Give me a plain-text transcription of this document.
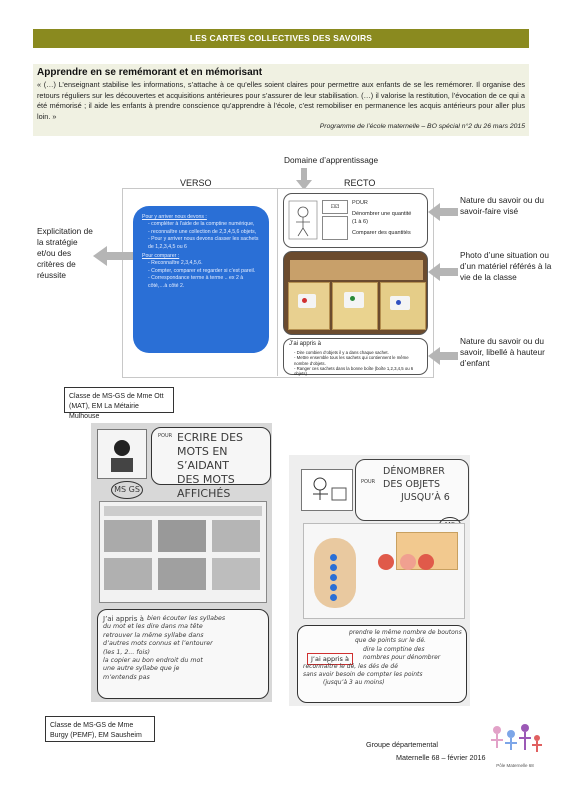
LES CARTES COLLECTIVES DES SAVOIRS
Apprendre en se remémorant et en mémorisant
« (…) L’enseignant stabilise les informations, s’attache à ce qu’elles soient claires pour permettre aux enfants de se les remémorer. Il organise des retours réguliers sur les découvertes et acquisitions antérieures pour s’assurer de leur stabilisation. (…) il valorise la restitution, l’évocation de ce qui a été mémorisé ; il aide les enfants à prendre conscience qu’apprendre à l’école, c’est remobiliser en permanence les acquis antérieurs pour aller plus loin. »
Programme de l’école maternelle – BO spécial n°2 du 26 mars 2015
Domaine d’apprentissage
VERSO	RECTO
Pour y arriver nous devons :
- compléter à l’aide de la comptine numérique,
- reconnaître une collection de 2,3,4,5,6 objets,
- Pour y arriver nous devons classer les sachets de 1,2,3,4,5 ou 6
Pour comparer :
- Reconnaître 2,3,4,5,6.
- Compter, comparer et regarder si c’est pareil.
- Correspondance terme à terme .. ex 2 à côté,…à côté 2.
⚀⚁
POUR
Dénombrer une quantité
(1 à 6)
Comparer des quantités
J’ai appris à
- Dire combien d’objets il y a dans chaque sachet.
- Mettre ensemble tous les sachets qui contiennent le même nombre d’objets.
- Ranger ces sachets dans la bonne boîte (boîte 1,2,3,4,5 ou 6 objets)
Explicitation de la stratégie et/ou des critères de réussite
Nature du savoir ou du savoir-faire visé
Photo d’une situation ou d’un matériel référés à la vie de la classe
Nature du savoir ou du savoir, libellé à hauteur d’enfant
Classe de MS-GS de Mme Ott (MAT), EM La Métairie Mulhouse
POUR ECRIRE DES
MOTS EN S’AIDANT
DES MOTS AFFICHÉS
MS GS
J’ai appris à bien écouter les syllabes
du mot et les dire dans ma tête
retrouver la même syllabe dans
d’autres mots connus et l’entourer
(les 1, 2... fois)
la copier au bon endroit du mot
une autre syllabe que je
m’entends pas
POUR
DÉNOMBRER
DES OBJETS
JUSQU’À 6
J’ai appris à
prendre le même nombre de boutons
que de points sur le dé.
dire la comptine des
nombres pour dénombrer
reconnaître le dé, les dés de dé
sans avoir besoin de compter les points
(jusqu’à 3 au moins)
Classe de MS-GS de Mme Burgy (PEMF), EM Sausheim
Groupe départemental
Maternelle 68 – février 2016
Pôle Maternelle 68
